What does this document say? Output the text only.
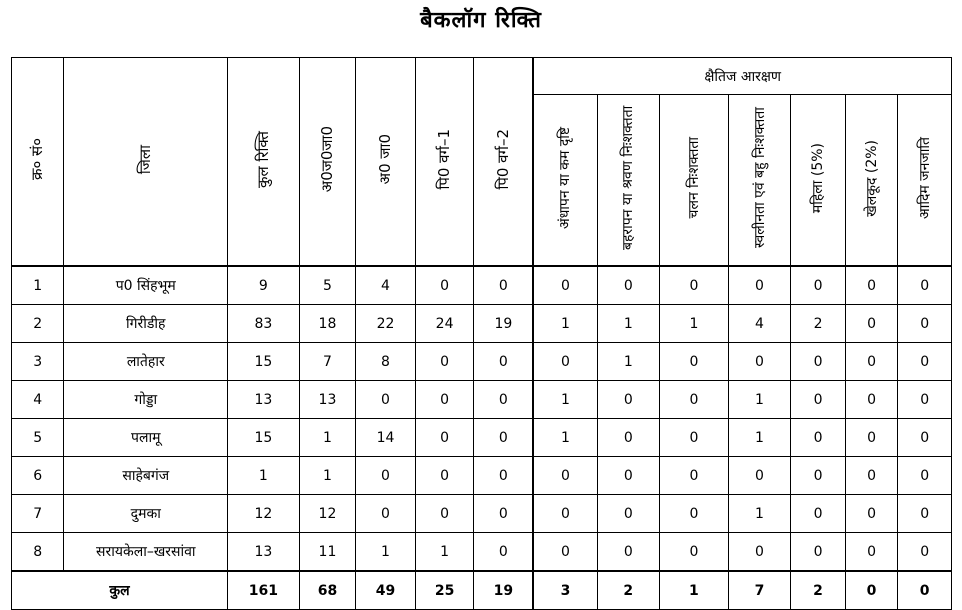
बैकलॉग रिक्ति
क्र० सं०	जिला	कुल रिक्ति	अ0ज0जा0	अ0 जा0	पि0 वर्ग–1	पि0 वर्ग–2	क्षैतिज आरक्षण						
							अंधापन या कम दृष्टि	बहरापन या श्रवण निःशक्तता	चलन निःशक्तता	स्वलीनता एवं बहु निःशक्तता	महिला (5%)	खेलकूद (2%)	आदिम जनजाति
1	प0 सिंहभूम	9	5	4	0	0	0	0	0	0	0	0	0
2	गिरीडीह	83	18	22	24	19	1	1	1	4	2	0	0
3	लातेहार	15	7	8	0	0	0	1	0	0	0	0	0
4	गोड्डा	13	13	0	0	0	1	0	0	1	0	0	0
5	पलामू	15	1	14	0	0	1	0	0	1	0	0	0
6	साहेबगंज	1	1	0	0	0	0	0	0	0	0	0	0
7	दुमका	12	12	0	0	0	0	0	0	1	0	0	0
8	सरायकेला–खरसांवा	13	11	1	1	0	0	0	0	0	0	0	0
कुल		161	68	49	25	19	3	2	1	7	2	0	0
